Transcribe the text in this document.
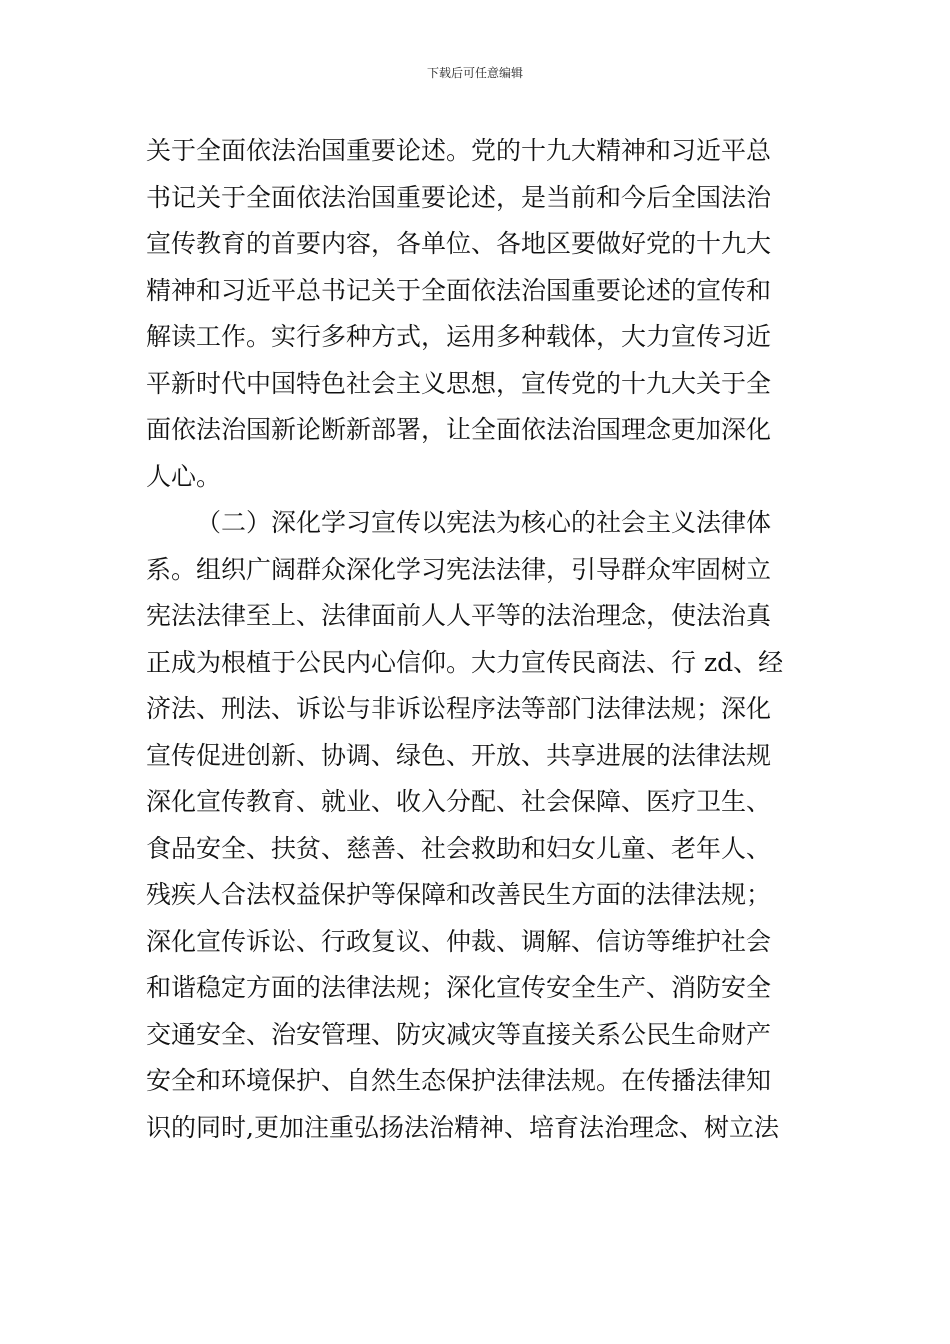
下载后可任意编辑
关于全面依法治国重要论述。党的十九大精神和习近平总
书记关于全面依法治国重要论述，是当前和今后全国法治
宣传教育的首要内容，各单位、各地区要做好党的十九大
精神和习近平总书记关于全面依法治国重要论述的宣传和
解读工作。实行多种方式，运用多种载体，大力宣传习近
平新时代中国特色社会主义思想，宣传党的十九大关于全
面依法治国新论断新部署，让全面依法治国理念更加深化
人心。
（二）深化学习宣传以宪法为核心的社会主义法律体
系。组织广阔群众深化学习宪法法律，引导群众牢固树立
宪法法律至上、法律面前人人平等的法治理念，使法治真
正成为根植于公民内心信仰。大力宣传民商法、行 zd、经
济法、刑法、诉讼与非诉讼程序法等部门法律法规；深化
宣传促进创新、协调、绿色、开放、共享进展的法律法规
深化宣传教育、就业、收入分配、社会保障、医疗卫生、
食品安全、扶贫、慈善、社会救助和妇女儿童、老年人、
残疾人合法权益保护等保障和改善民生方面的法律法规；
深化宣传诉讼、行政复议、仲裁、调解、信访等维护社会
和谐稳定方面的法律法规；深化宣传安全生产、消防安全
交通安全、治安管理、防灾减灾等直接关系公民生命财产
安全和环境保护、自然生态保护法律法规。在传播法律知
识的同时,更加注重弘扬法治精神、培育法治理念、树立法
